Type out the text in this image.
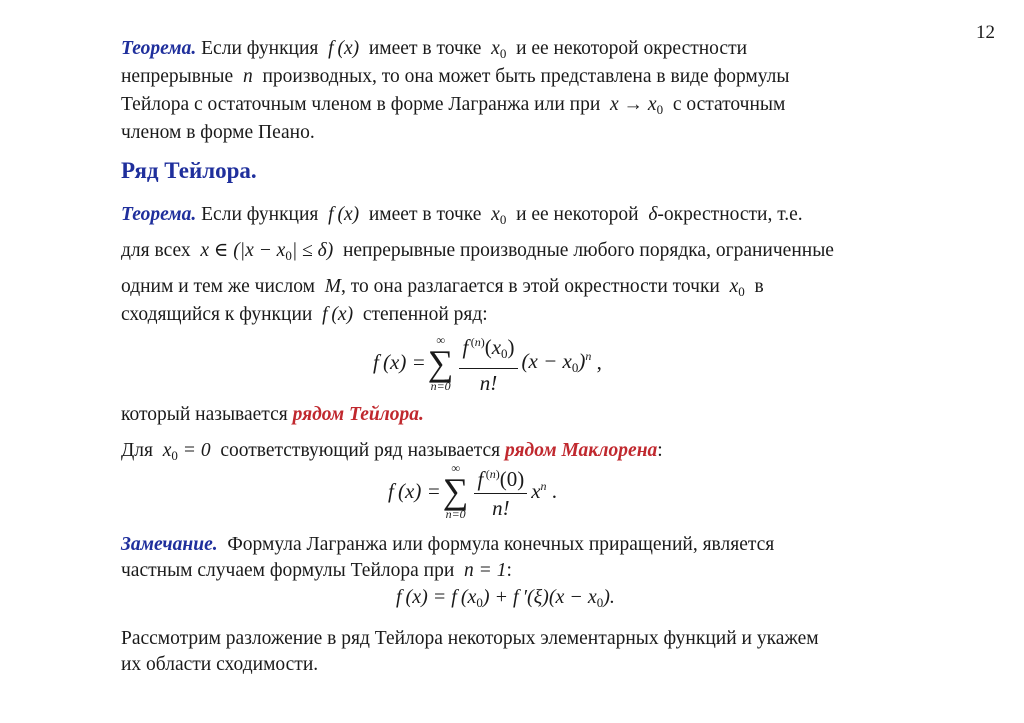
12
Теорема. Если функция  f (x)  имеет в точке  $x_0$ и ее некоторой окрестности
непрерывные  n  производных, то она может быть представлена в виде формулы
Тейлора с остаточным членом в форме Лагранжа или при  $x \to x_0$ с остаточным
членом в форме Пеано.
Ряд Тейлора.
Теорема. Если функция  f (x)  имеет в точке  $x_0$ и ее некоторой  δ-окрестности, т.е.
для всех  x ∈ $(|x - x_0| \le \delta)$  непрерывные производные любого порядка, ограниченные
одним и тем же числом  M, то она разлагается в этой окрестности точки  $x_0$ в
сходящийся к функции  f (x)  степенной ряд:
f (x) =
∞
∑
$n=0 \frac{f ^{(n)}(x_0)}{n!} (x - x_0)^n$ ,
который называется рядом Тейлора.
Для  $x_0 = 0$  соответствующий ряд называется рядом Маклорена:
f (x) =
∞
∑
$n=0 \frac{f ^{(n)}(0)}{n!} x^n$ .
Замечание. Формула Лагранжа или формула конечных приращений, является
частным случаем формулы Тейлора при  n = 1:
f (x) = f $(x_0) + f$ $'(\xi)(x - x_0)$.
Рассмотрим разложение в ряд Тейлора некоторых элементарных функций и укажем
их области сходимости.
